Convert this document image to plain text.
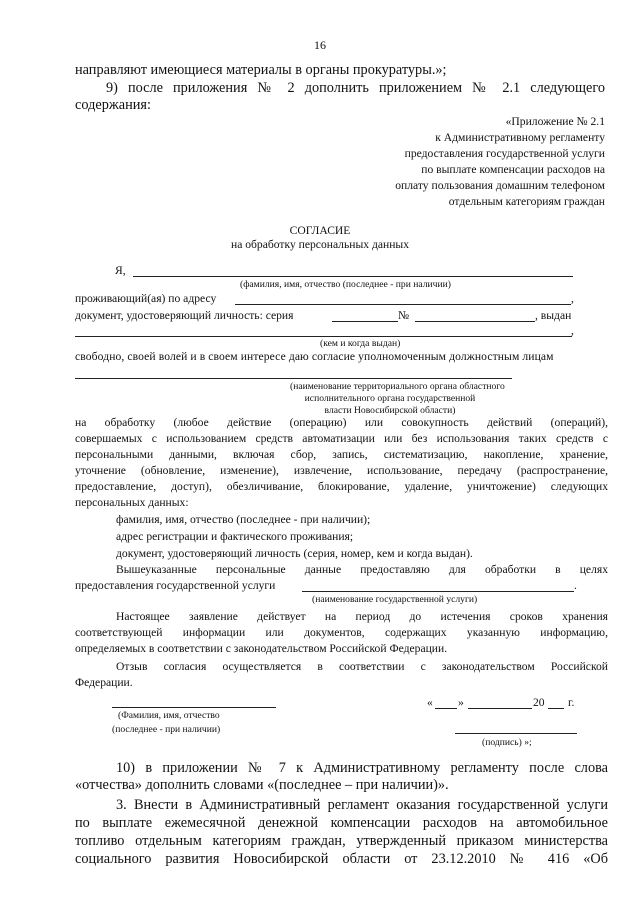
16
направляют имеющиеся материалы в органы прокуратуры.»;
9) после приложения № 2 дополнить приложением № 2.1 следующего
содержания:
«Приложение № 2.1
к Административному регламенту
предоставления государственной услуги
по выплате компенсации расходов на
оплату пользования домашним телефоном
отдельным категориям граждан
СОГЛАСИЕ
на обработку персональных данных
Я,
(фамилия, имя, отчество (последнее - при наличии)
проживающий(ая) по адресу	,
документ, удостоверяющий личность: серия	№	, выдан
,
(кем и когда выдан)
свободно, своей волей и в своем интересе даю согласие уполномоченным должностным лицам
(наименование территориального органа областного
исполнительного органа государственной
власти Новосибирской области)
на обработку (любое действие (операцию) или совокупность действий (операций),
совершаемых с использованием средств автоматизации или без использования таких средств с
персональными данными, включая сбор, запись, систематизацию, накопление, хранение,
уточнение (обновление, изменение), извлечение, использование, передачу (распространение,
предоставление, доступ), обезличивание, блокирование, удаление, уничтожение) следующих
персональных данных:
фамилия, имя, отчество (последнее - при наличии);
адрес регистрации и фактического проживания;
документ, удостоверяющий личность (серия, номер, кем и когда выдан).
Вышеуказанные персональные данные предоставляю для обработки в целях
предоставления государственной услуги	.
(наименование государственной услуги)
Настоящее заявление действует на период до истечения сроков хранения
соответствующей информации или документов, содержащих указанную информацию,
определяемых в соответствии с законодательством Российской Федерации.
Отзыв согласия осуществляется в соответствии с законодательством Российской
Федерации.
« »	20 г.
(Фамилия, имя, отчество
(последнее - при наличии)
(подпись) »;
10) в приложении № 7 к Административному регламенту после слова
«отчества» дополнить словами «(последнее – при наличии)».
3. Внести в Административный регламент оказания государственной услуги
по выплате ежемесячной денежной компенсации расходов на автомобильное
топливо отдельным категориям граждан, утвержденный приказом министерства
социального развития Новосибирской области от 23.12.2010 № 416 «Об
